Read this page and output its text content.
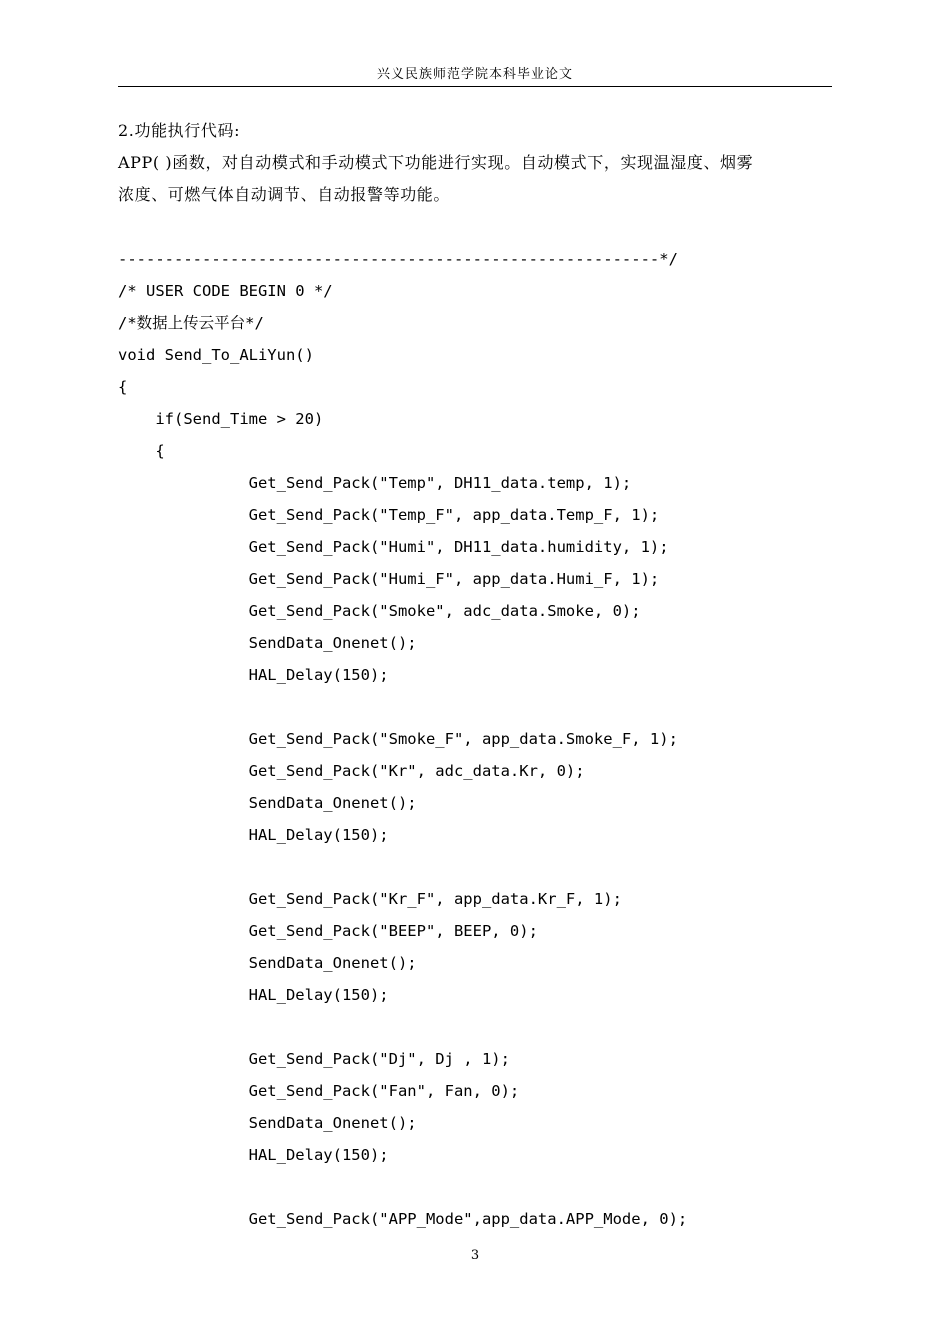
兴义民族师范学院本科毕业论文
2.功能执行代码:
APP( )函数，对自动模式和手动模式下功能进行实现。自动模式下，实现温湿度、烟雾
浓度、可燃气体自动调节、自动报警等功能。
----------------------------------------------------------*/
/* USER CODE BEGIN 0 */
/*数据上传云平台*/
void Send_To_ALiYun()
{
if(Send_Time > 20)
{
Get_Send_Pack("Temp", DH11_data.temp, 1);
Get_Send_Pack("Temp_F", app_data.Temp_F, 1);
Get_Send_Pack("Humi", DH11_data.humidity, 1);
Get_Send_Pack("Humi_F", app_data.Humi_F, 1);
Get_Send_Pack("Smoke", adc_data.Smoke, 0);
SendData_Onenet();
HAL_Delay(150);
Get_Send_Pack("Smoke_F", app_data.Smoke_F, 1);
Get_Send_Pack("Kr", adc_data.Kr, 0);
SendData_Onenet();
HAL_Delay(150);
Get_Send_Pack("Kr_F", app_data.Kr_F, 1);
Get_Send_Pack("BEEP", BEEP, 0);
SendData_Onenet();
HAL_Delay(150);
Get_Send_Pack("Dj", Dj , 1);
Get_Send_Pack("Fan", Fan, 0);
SendData_Onenet();
HAL_Delay(150);
Get_Send_Pack("APP_Mode",app_data.APP_Mode, 0);
3
